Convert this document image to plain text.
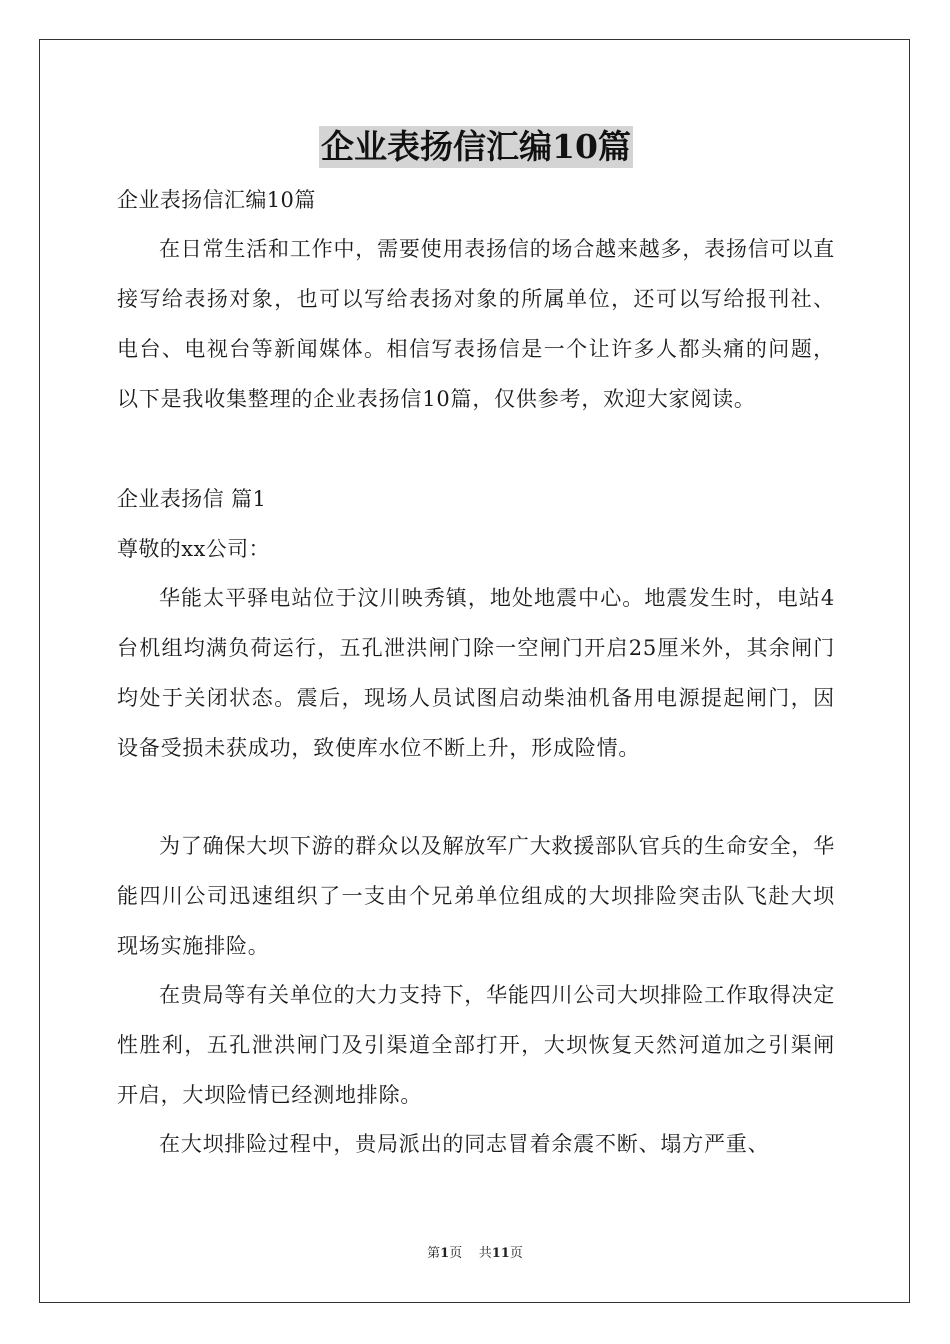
企业表扬信汇编10篇
企业表扬信汇编10篇
在日常生活和工作中，需要使用表扬信的场合越来越多，表扬信可以直接写给表扬对象，也可以写给表扬对象的所属单位，还可以写给报刊社、电台、电视台等新闻媒体。相信写表扬信是一个让许多人都头痛的问题，以下是我收集整理的企业表扬信10篇，仅供参考，欢迎大家阅读。
企业表扬信 篇1
尊敬的xx公司：
华能太平驿电站位于汶川映秀镇，地处地震中心。地震发生时，电站4台机组均满负荷运行，五孔泄洪闸门除一空闸门开启25厘米外，其余闸门均处于关闭状态。震后，现场人员试图启动柴油机备用电源提起闸门，因设备受损未获成功，致使库水位不断上升，形成险情。
为了确保大坝下游的群众以及解放军广大救援部队官兵的生命安全，华能四川公司迅速组织了一支由个兄弟单位组成的大坝排险突击队飞赴大坝现场实施排险。
在贵局等有关单位的大力支持下，华能四川公司大坝排险工作取得决定性胜利，五孔泄洪闸门及引渠道全部打开，大坝恢复天然河道加之引渠闸开启，大坝险情已经测地排除。
在大坝排险过程中，贵局派出的同志冒着余震不断、塌方严重、
第1页    共11页
